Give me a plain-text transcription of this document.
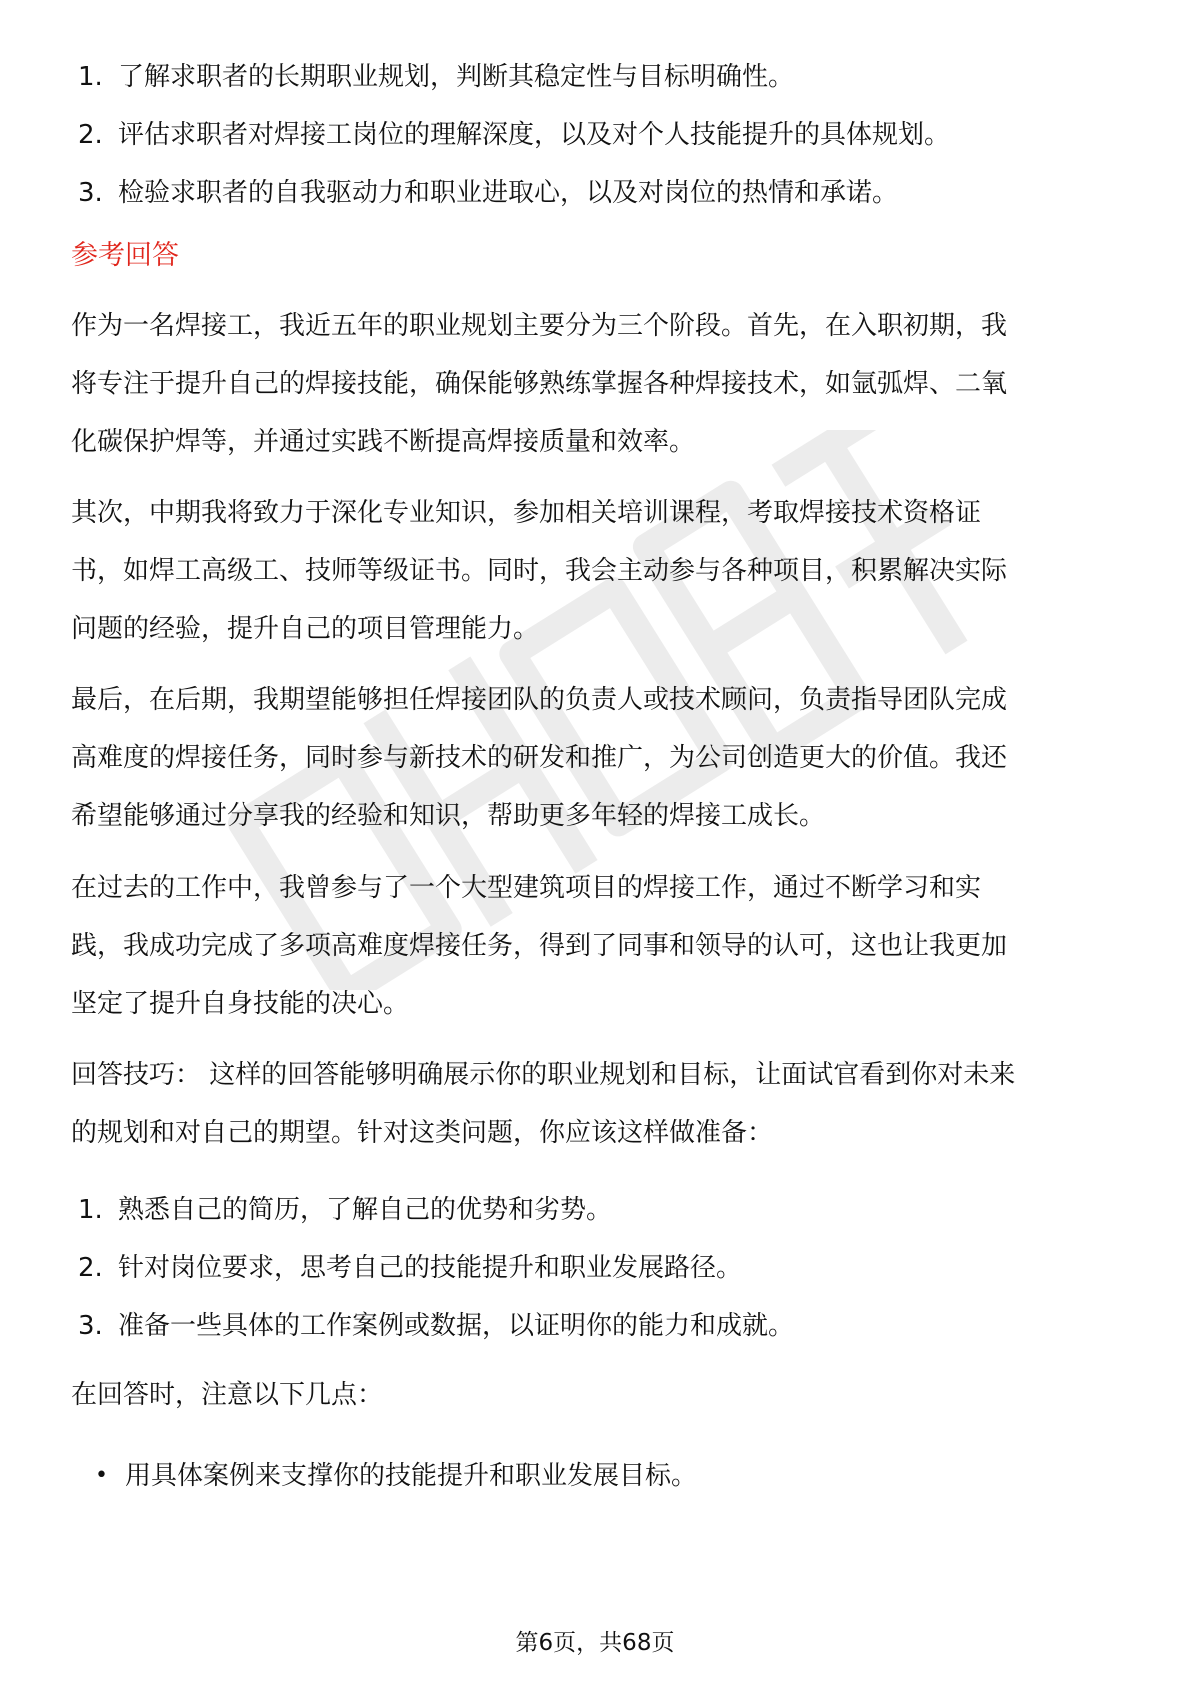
1. 了解求职者的长期职业规划，判断其稳定性与目标明确性。
2. 评估求职者对焊接工岗位的理解深度，以及对个人技能提升的具体规划。
3. 检验求职者的自我驱动力和职业进取心，以及对岗位的热情和承诺。
参考回答

作为一名焊接工，我近五年的职业规划主要分为三个阶段。首先，在入职初期，我
将专注于提升自己的焊接技能，确保能够熟练掌握各种焊接技术，如氩弧焊、二氧
化碳保护焊等，并通过实践不断提高焊接质量和效率。

其次，中期我将致力于深化专业知识，参加相关培训课程，考取焊接技术资格证
书，如焊工高级工、技师等级证书。同时，我会主动参与各种项目，积累解决实际
问题的经验，提升自己的项目管理能力。

最后，在后期，我期望能够担任焊接团队的负责人或技术顾问，负责指导团队完成
高难度的焊接任务，同时参与新技术的研发和推广，为公司创造更大的价值。我还
希望能够通过分享我的经验和知识，帮助更多年轻的焊接工成长。

在过去的工作中，我曾参与了一个大型建筑项目的焊接工作，通过不断学习和实
践，我成功完成了多项高难度焊接任务，得到了同事和领导的认可，这也让我更加
坚定了提升自身技能的决心。

回答技巧： 这样的回答能够明确展示你的职业规划和目标，让面试官看到你对未来
的规划和对自己的期望。针对这类问题，你应该这样做准备：

1. 熟悉自己的简历，了解自己的优势和劣势。
2. 针对岗位要求，思考自己的技能提升和职业发展路径。
3. 准备一些具体的工作案例或数据，以证明你的能力和成就。

在回答时，注意以下几点：

• 用具体案例来支撑你的技能提升和职业发展目标。
第6页，共68页
